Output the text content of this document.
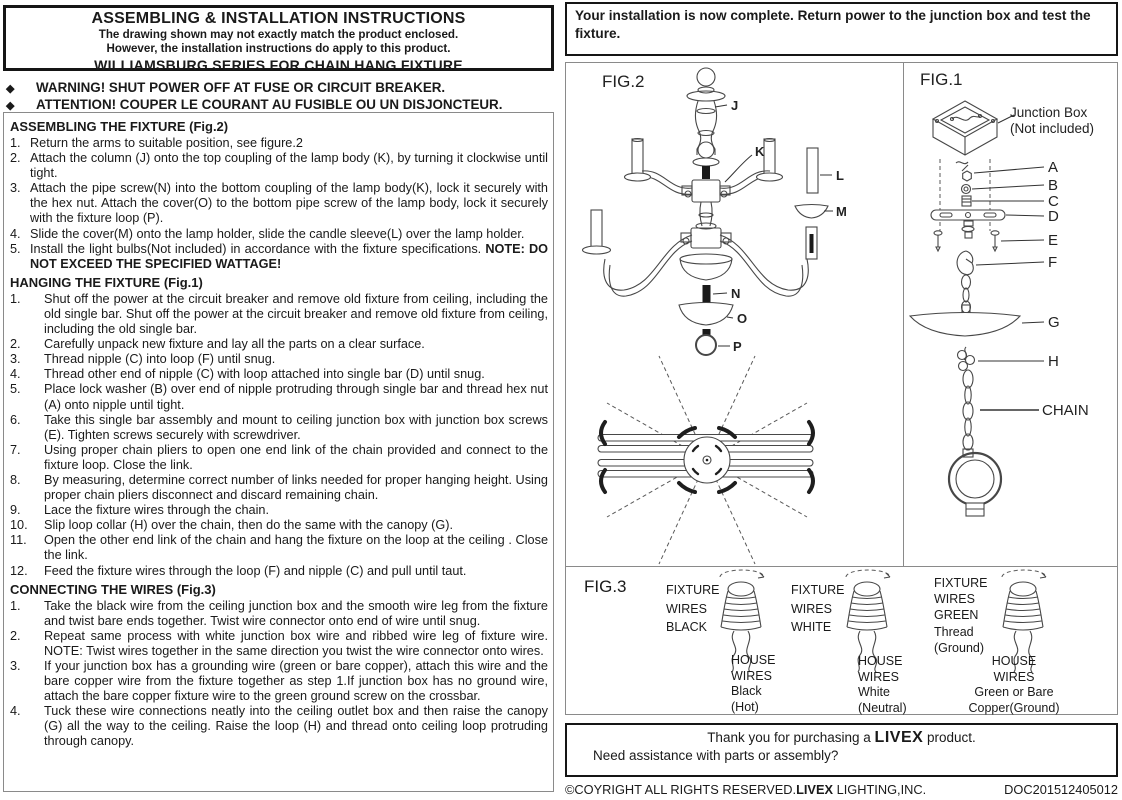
ASSEMBLING & INSTALLATION INSTRUCTIONS
The drawing shown may not exactly match the product enclosed.
However, the installation instructions do apply to this product.
WILLIAMSBURG SERIES FOR CHAIN HANG FIXTURE
◆	WARNING! SHUT POWER OFF AT FUSE OR CIRCUIT BREAKER.
◆	ATTENTION! COUPER LE COURANT AU FUSIBLE OU UN DISJONCTEUR.
ASSEMBLING THE FIXTURE (Fig.2)
1. Return the arms to suitable position, see figure.2
2. Attach the column (J) onto the top coupling of the lamp body (K), by turning it clockwise until tight.
3. Attach the pipe screw(N) into the bottom coupling of the lamp body(K), lock it securely with the hex nut. Attach the cover(O) to the bottom pipe screw of the lamp body, lock it securely with the fixture loop (P).
4. Slide the cover(M) onto the lamp holder, slide the candle sleeve(L) over the lamp holder.
5. Install the light bulbs(Not included) in accordance with the fixture specifications. NOTE: DO NOT EXCEED THE SPECIFIED WATTAGE!
HANGING THE FIXTURE (Fig.1)
1.	Shut off the power at the circuit breaker and remove old fixture from ceiling, including the old single bar. Shut off the power at the circuit breaker and remove old fixture from ceiling, including the old single bar.
2.	Carefully unpack new fixture and lay all the parts on a clear surface.
3.	Thread nipple (C) into loop (F) until snug.
4.	Thread other end of nipple (C) with loop attached into single bar (D) until snug.
5.	Place lock washer (B) over end of nipple protruding through single bar and thread hex nut (A) onto nipple until tight.
6.	Take this single bar assembly and mount to ceiling junction box with junction box screws (E). Tighten screws securely with screwdriver.
7.	Using proper chain pliers to open one end link of the chain provided and connect to the fixture loop. Close the link.
8.	By measuring, determine correct number of links needed for proper hanging height. Using proper chain pliers disconnect and discard remaining chain.
9.	Lace the fixture wires through the chain.
10.	Slip loop collar (H) over the chain, then do the same with the canopy (G).
11.	Open the other end link of the chain and hang the fixture on the loop at the ceiling . Close the link.
12.	Feed the fixture wires through the loop (F) and nipple (C) and pull until taut.
CONNECTING THE WIRES (Fig.3)
1.	Take the black wire from the ceiling junction box and the smooth wire leg from the fixture and twist bare ends together. Twist wire connector onto end of wire until snug.
2.	Repeat same process with white junction box wire and ribbed wire leg of fixture wire. NOTE: Twist wires together in the same direction you twist the wire connector onto wires.
3.	If your junction box has a grounding wire (green or bare copper), attach this wire and the bare copper wire from the fixture together as step 1.If junction box has no ground wire, attach the bare copper fixture wire to the green ground screw on the crossbar.
4.	Tuck these wire connections neatly into the ceiling outlet box and then raise the canopy (G) all the way to the ceiling. Raise the loop (H) and thread onto ceiling loop protruding through canopy.
Your installation is now complete. Return power to the junction box and test the fixture.
FIG.2
J
K
L
M
N
O
P
FIG.1
Junction Box
(Not included)
A
B
C
D
E
F
G
H
CHAIN
FIG.3	FIXTURE
WIRES
BLACK
HOUSE
WIRES
Black
(Hot)
FIXTURE
WIRES
WHITE
HOUSE
WIRES
White
(Neutral)
FIXTURE
WIRES
GREEN
Thread
(Ground)
HOUSE
WIRES
Green or Bare
Copper(Ground)
Thank you for purchasing a LIVEX product.
Need assistance with parts or assembly?
©COYRIGHT ALL RIGHTS RESERVED.LIVEX LIGHTING,INC.	DOC201512405012
